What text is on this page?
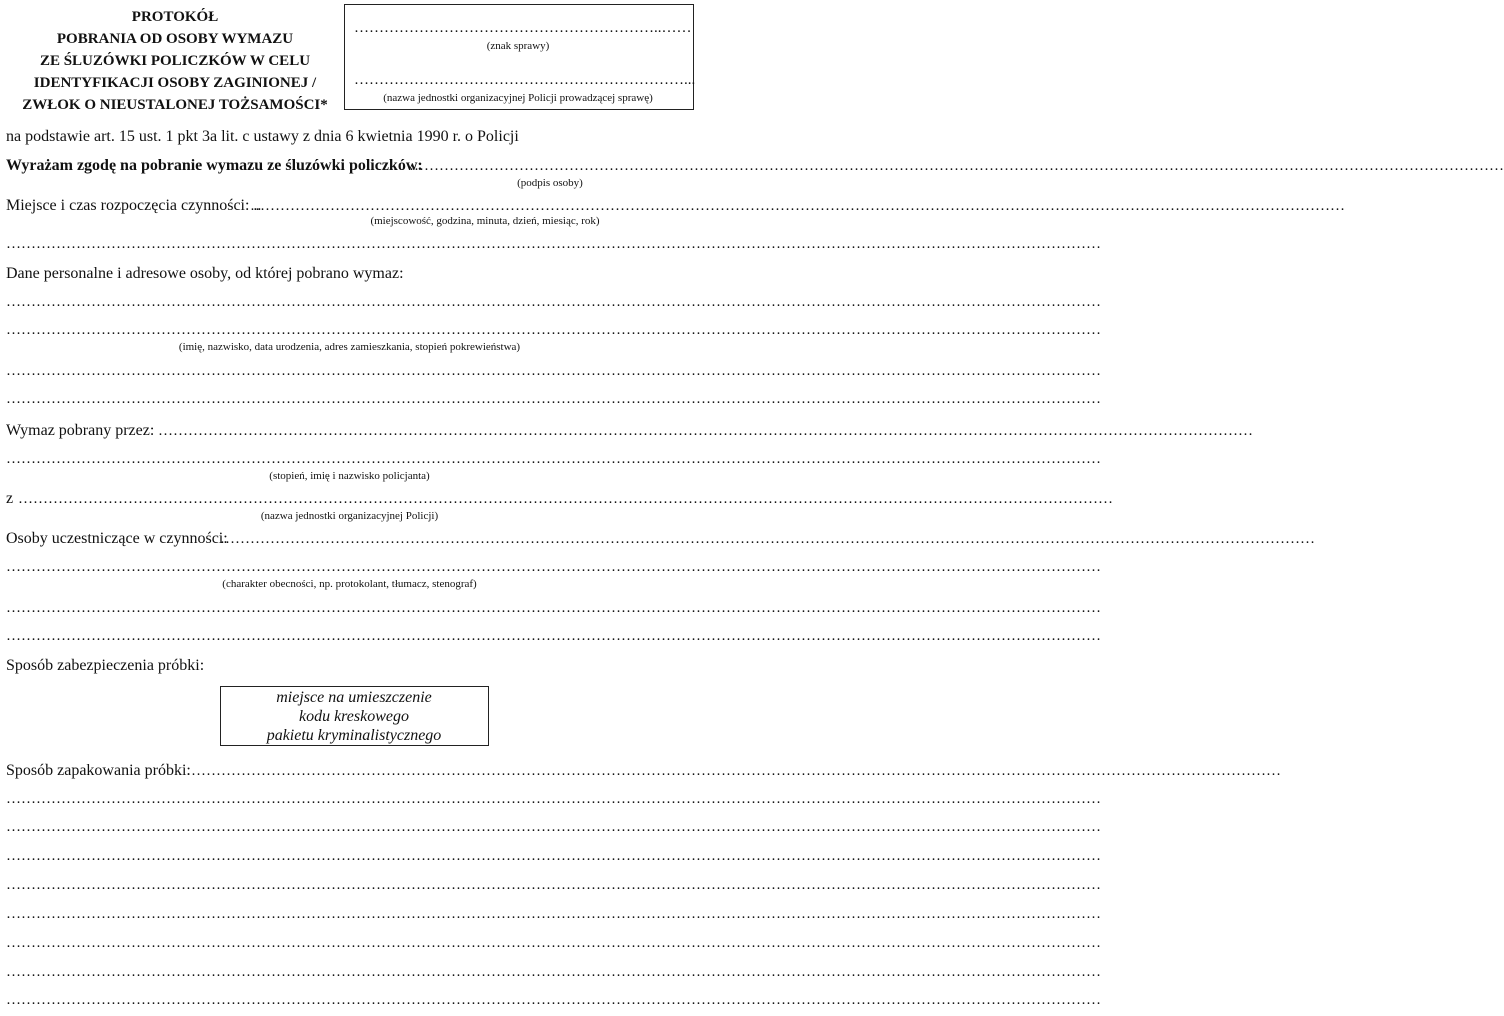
PROTOKÓŁ
POBRANIA OD OSOBY WYMAZU
ZE ŚLUZÓWKI POLICZKÓW W CELU
IDENTYFIKACJI OSOBY ZAGINIONEJ /
ZWŁOK O NIEUSTALONEJ TOŻSAMOŚCI*
……………………………………………………..……
(znak sprawy)
…………………………………………………………...
(nazwa jednostki organizacyjnej Policji prowadzącej sprawę)
na podstawie art. 15 ust. 1 pkt 3a lit. c ustawy z dnia 6 kwietnia 1990 r. o Policji
Wyrażam zgodę na pobranie wymazu ze śluzówki policzków:
…………………………………………………………………………………………………………………………………………………………………………………………………
(podpis osoby)
Miejsce i czas rozpoczęcia czynności: ..
…………………………………………………………………………………………………………………………………………………………………………………………………
(miejscowość, godzina, minuta, dzień, miesiąc, rok)
…………………………………………………………………………………………………………………………………………………………………………………………………
Dane personalne i adresowe osoby, od której pobrano wymaz:
…………………………………………………………………………………………………………………………………………………………………………………………………
…………………………………………………………………………………………………………………………………………………………………………………………………
(imię, nazwisko, data urodzenia, adres zamieszkania, stopień pokrewieństwa)
…………………………………………………………………………………………………………………………………………………………………………………………………
…………………………………………………………………………………………………………………………………………………………………………………………………
Wymaz pobrany przez: …………………………………………………………………………………………………………………………………………………………………………………………………
…………………………………………………………………………………………………………………………………………………………………………………………………
(stopień, imię i nazwisko policjanta)
z …………………………………………………………………………………………………………………………………………………………………………………………………
(nazwa jednostki organizacyjnej Policji)
Osoby uczestniczące w czynności:
…………………………………………………………………………………………………………………………………………………………………………………………………
…………………………………………………………………………………………………………………………………………………………………………………………………
(charakter obecności, np. protokolant, tłumacz, stenograf)
…………………………………………………………………………………………………………………………………………………………………………………………………
…………………………………………………………………………………………………………………………………………………………………………………………………
Sposób zabezpieczenia próbki:
miejsce na umieszczenie
kodu kreskowego
pakietu kryminalistycznego
Sposób zapakowania próbki:
…………………………………………………………………………………………………………………………………………………………………………………………………
…………………………………………………………………………………………………………………………………………………………………………………………………
…………………………………………………………………………………………………………………………………………………………………………………………………
…………………………………………………………………………………………………………………………………………………………………………………………………
…………………………………………………………………………………………………………………………………………………………………………………………………
…………………………………………………………………………………………………………………………………………………………………………………………………
…………………………………………………………………………………………………………………………………………………………………………………………………
…………………………………………………………………………………………………………………………………………………………………………………………………
…………………………………………………………………………………………………………………………………………………………………………………………………
